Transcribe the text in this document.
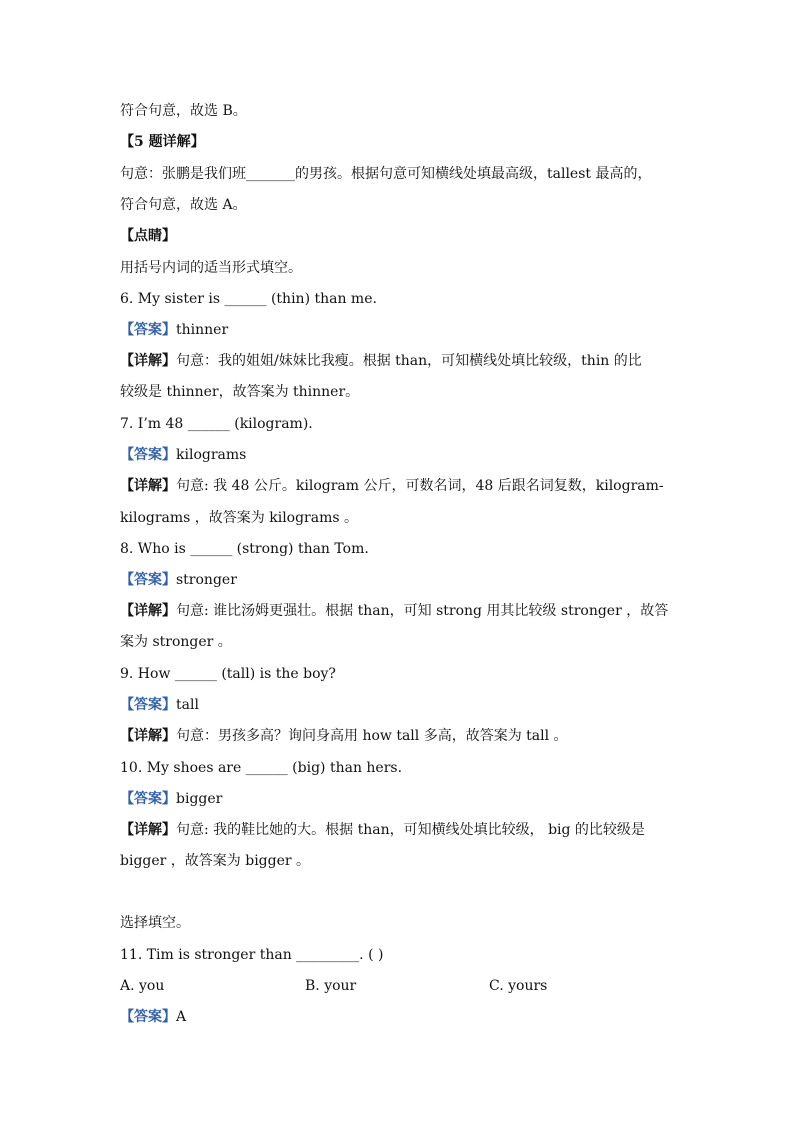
符合句意，故选 B。
【5 题详解】
句意：张鹏是我们班_______的男孩。根据句意可知横线处填最高级，tallest 最高的，
符合句意，故选 A。
【点睛】
用括号内词的适当形式填空。
6. My sister is ______ (thin) than me.
【答案】thinner
【详解】句意：我的姐姐/妹妹比我瘦。根据 than，可知横线处填比较级，thin 的比
较级是 thinner，故答案为 thinner。
7. I’m 48 ______ (kilogram).
【答案】kilograms
【详解】句意: 我 48 公斤。kilogram 公斤，可数名词，48 后跟名词复数，kilogram-
kilograms ，故答案为 kilograms 。
8. Who is ______ (strong) than Tom.
【答案】stronger
【详解】句意: 谁比汤姆更强壮。根据 than，可知 strong 用其比较级 stronger ，故答
案为 stronger 。
9. How ______ (tall) is the boy?
【答案】tall
【详解】句意：男孩多高？询问身高用 how tall 多高，故答案为 tall 。
10. My shoes are ______ (big) than hers.
【答案】bigger
【详解】句意: 我的鞋比她的大。根据 than，可知横线处填比较级， big 的比较级是
bigger ，故答案为 bigger 。
选择填空。
11. Tim is stronger than _________. ( )
A. you	B. your	C. yours
【答案】A
